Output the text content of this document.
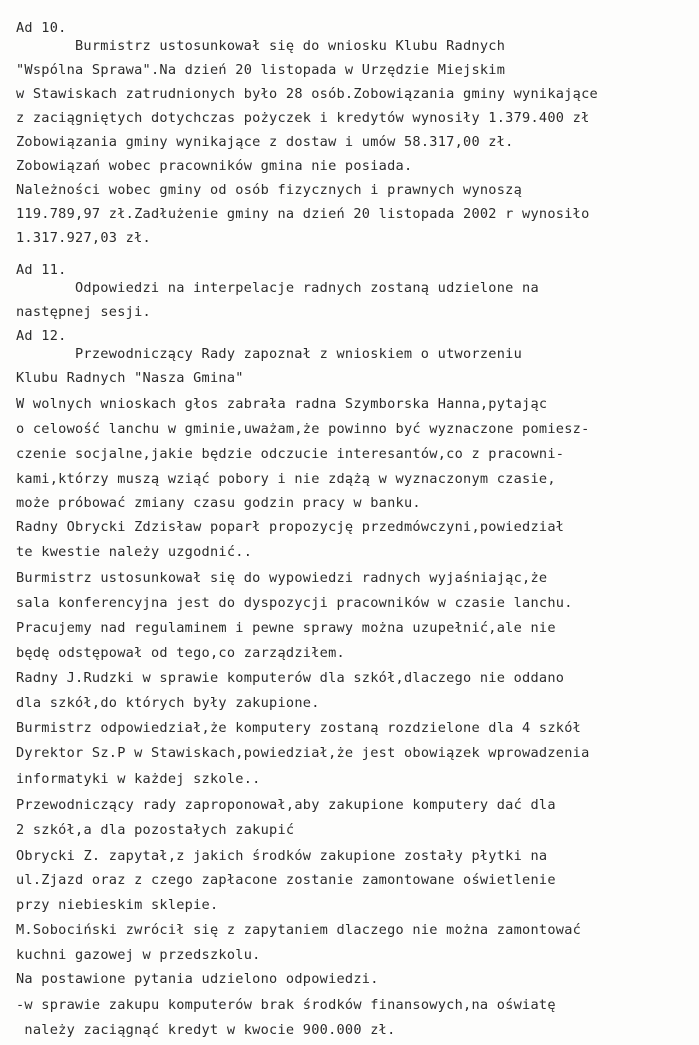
Ad 10.
Burmistrz ustosunkował się do wniosku Klubu Radnych
"Wspólna Sprawa".Na dzień 20 listopada w Urzędzie Miejskim
w Stawiskach zatrudnionych było 28 osób.Zobowiązania gminy wynikające
z zaciągniętych dotychczas pożyczek i kredytów wynosiły 1.379.400 zł
Zobowiązania gminy wynikające z dostaw i umów 58.317,00 zł.
Zobowiązań wobec pracowników gmina nie posiada.
Należności wobec gminy od osób fizycznych i prawnych wynoszą
119.789,97 zł.Zadłużenie gminy na dzień 20 listopada 2002 r wynosiło
1.317.927,03 zł.
Ad 11.
Odpowiedzi na interpelacje radnych zostaną udzielone na
następnej sesji.
Ad 12.
Przewodniczący Rady zapoznał z wnioskiem o utworzeniu
Klubu Radnych "Nasza Gmina"
W wolnych wnioskach głos zabrała radna Szymborska Hanna,pytając
o celowość lanchu w gminie,uważam,że powinno być wyznaczone pomiesz-
czenie socjalne,jakie będzie odczucie interesantów,co z pracowni-
kami,którzy muszą wziąć pobory i nie zdążą w wyznaczonym czasie,
może próbować zmiany czasu godzin pracy w banku.
Radny Obrycki Zdzisław poparł propozycję przedmówczyni,powiedział
te kwestie należy uzgodnić..
Burmistrz ustosunkował się do wypowiedzi radnych wyjaśniając,że
sala konferencyjna jest do dyspozycji pracowników w czasie lanchu.
Pracujemy nad regulaminem i pewne sprawy można uzupełnić,ale nie
będę odstępował od tego,co zarządziłem.
Radny J.Rudzki w sprawie komputerów dla szkół,dlaczego nie oddano
dla szkół,do których były zakupione.
Burmistrz odpowiedział,że komputery zostaną rozdzielone dla 4 szkół
Dyrektor Sz.P w Stawiskach,powiedział,że jest obowiązek wprowadzenia
informatyki w każdej szkole..
Przewodniczący rady zaproponował,aby zakupione komputery dać dla
2 szkół,a dla pozostałych zakupić
Obrycki Z. zapytał,z jakich środków zakupione zostały płytki na
ul.Zjazd oraz z czego zapłacone zostanie zamontowane oświetlenie
przy niebieskim sklepie.
M.Sobociński zwrócił się z zapytaniem dlaczego nie można zamontować
kuchni gazowej w przedszkolu.
Na postawione pytania udzielono odpowiedzi.
-w sprawie zakupu komputerów brak środków finansowych,na oświatę
należy zaciągnąć kredyt w kwocie 900.000 zł.
